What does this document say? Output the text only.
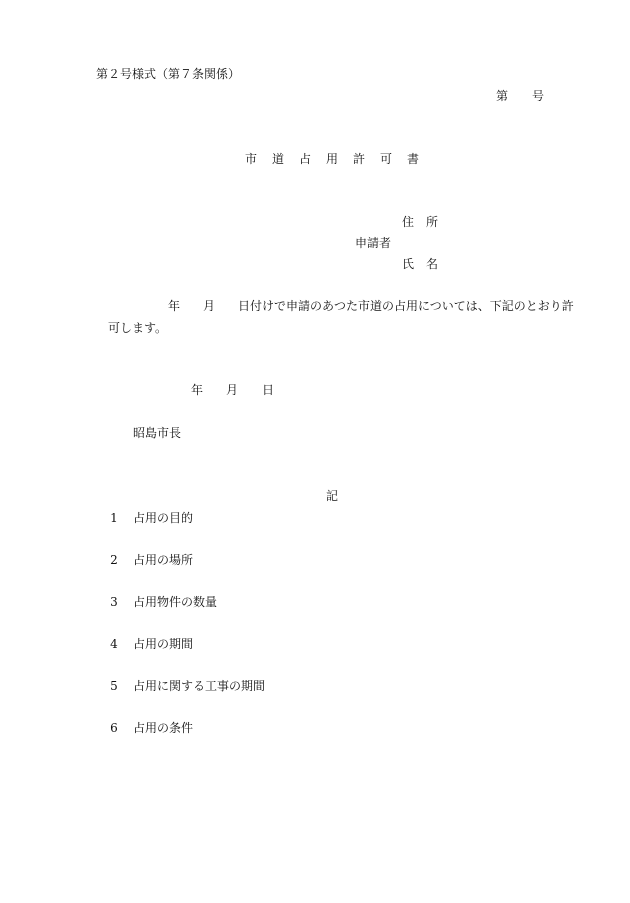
第２号様式（第７条関係）
第 号
市 道 占 用 許 可 書
住　所
申請者
氏　名
年 月 日付けで申請のあつた市道の占用については、下記のとおり許
可します。
年 月 日
昭島市長
記
1 占用の目的
2 占用の場所
3 占用物件の数量
4 占用の期間
5 占用に関する工事の期間
6 占用の条件
